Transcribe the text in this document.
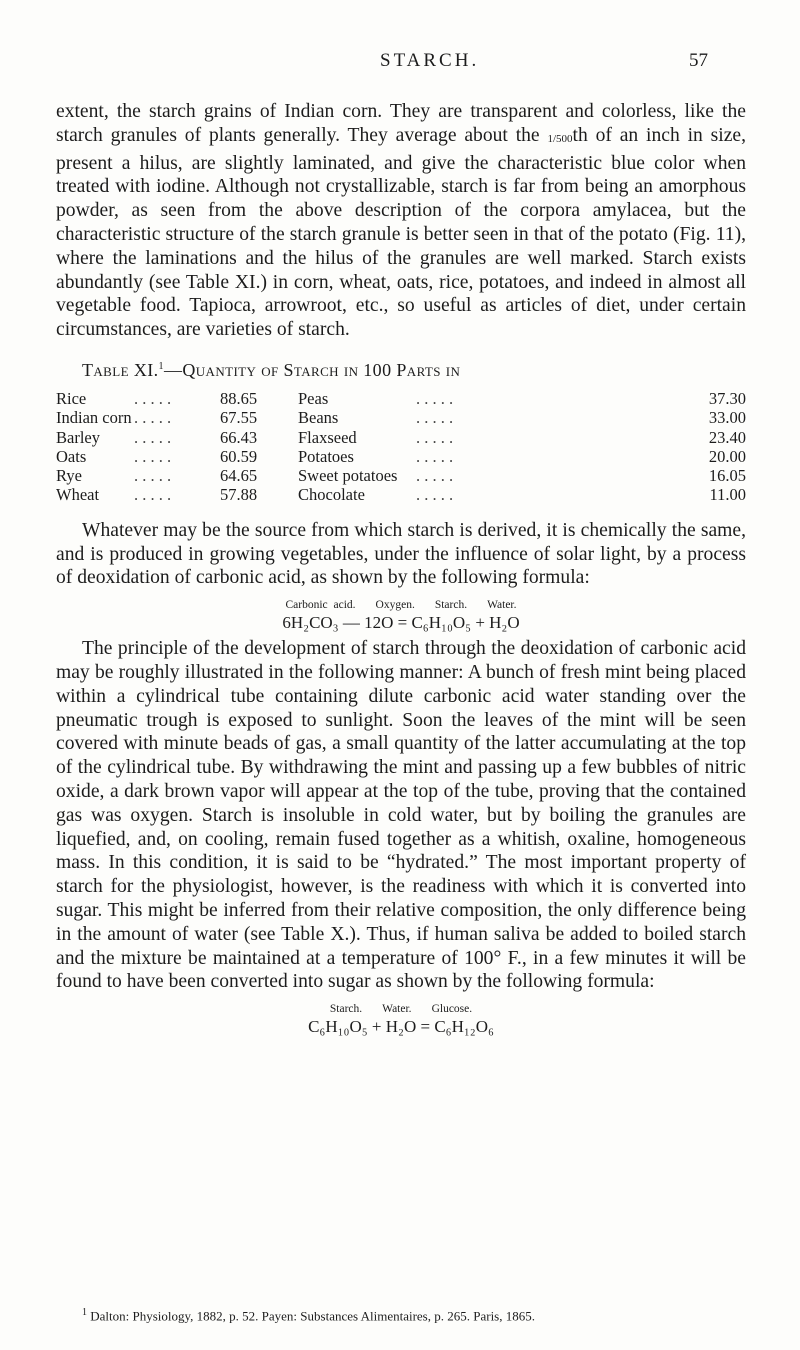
STARCH.	57

extent, the starch grains of Indian corn. They are transparent and colorless, like the starch granules of plants generally. They average about the 1/500th of an inch in size, present a hilus, are slightly laminated, and give the characteristic blue color when treated with iodine. Although not crystallizable, starch is far from being an amorphous powder, as seen from the above description of the corpora amylacea, but the characteristic structure of the starch granule is better seen in that of the potato (Fig. 11), where the laminations and the hilus of the granules are well marked. Starch exists abundantly (see Table XI.) in corn, wheat, oats, rice, potatoes, and indeed in almost all vegetable food. Tapioca, arrowroot, etc., so useful as articles of diet, under certain circumstances, are varieties of starch.

Table XI.$^1$—Quantity of Starch in 100 Parts in
Rice	. . . . .	88.65	Peas	. . . . .	37.30
Indian corn	. . . . .	67.55	Beans	. . . . .	33.00
Barley	. . . . .	66.43	Flaxseed	. . . . .	23.40
Oats	. . . . .	60.59	Potatoes	. . . . .	20.00
Rye	. . . . .	64.65	Sweet potatoes	. . . . .	16.05
Wheat	. . . . .	57.88	Chocolate	. . . . .	11.00

Whatever may be the source from which starch is derived, it is chemically the same, and is produced in growing vegetables, under the influence of solar light, by a process of deoxidation of carbonic acid, as shown by the following formula:

Carbonic acid. Oxygen. Starch. Water.
6H₂CO₃ — 12O = C₆H₁₀O₅ + H₂O

The principle of the development of starch through the deoxidation of carbonic acid may be roughly illustrated in the following manner: A bunch of fresh mint being placed within a cylindrical tube containing dilute carbonic acid water standing over the pneumatic trough is exposed to sunlight. Soon the leaves of the mint will be seen covered with minute beads of gas, a small quantity of the latter accumulating at the top of the cylindrical tube. By withdrawing the mint and passing up a few bubbles of nitric oxide, a dark brown vapor will appear at the top of the tube, proving that the contained gas was oxygen. Starch is insoluble in cold water, but by boiling the granules are liquefied, and, on cooling, remain fused together as a whitish, oxaline, homogeneous mass. In this condition, it is said to be “hydrated.” The most important property of starch for the physiologist, however, is the readiness with which it is converted into sugar. This might be inferred from their relative composition, the only difference being in the amount of water (see Table X.). Thus, if human saliva be added to boiled starch and the mixture be maintained at a temperature of 100° F., in a few minutes it will be found to have been converted into sugar as shown by the following formula:

Starch. Water. Glucose.
C₆H₁₀O₅ + H₂O = C₆H₁₂O₆
$^1$ Dalton: Physiology, 1882, p. 52. Payen: Substances Alimentaires, p. 265. Paris, 1865.
